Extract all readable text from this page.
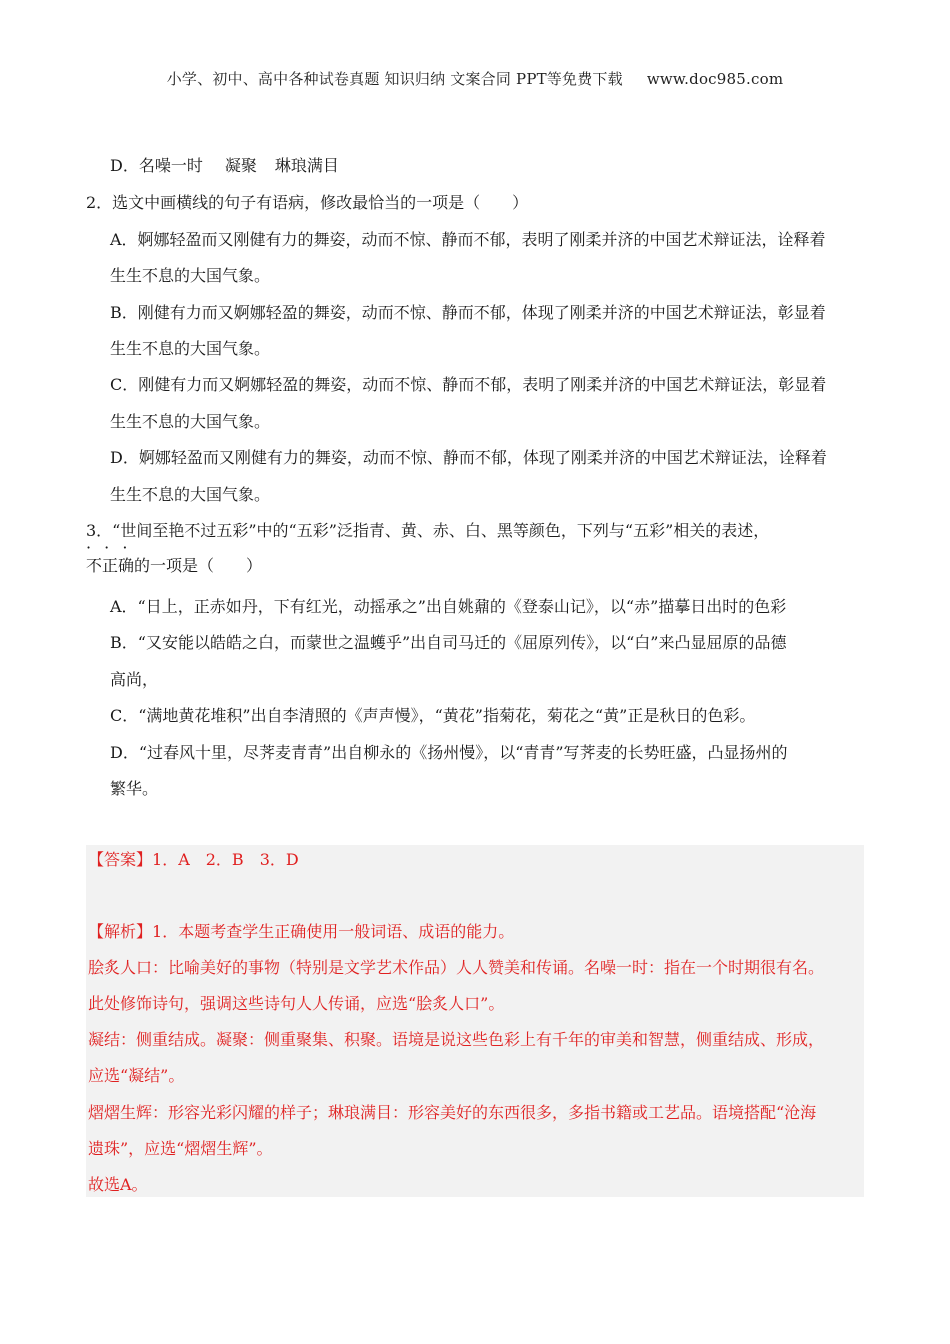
小学、初中、高中各种试卷真题 知识归纳 文案合同 PPT等免费下载 www.doc985.com
D．名噪一时 凝聚 琳琅满目
2．选文中画横线的句子有语病，修改最恰当的一项是（　　）
A．婀娜轻盈而又刚健有力的舞姿，动而不惊、静而不郁，表明了刚柔并济的中国艺术辩证法，诠释着
生生不息的大国气象。
B．刚健有力而又婀娜轻盈的舞姿，动而不惊、静而不郁，体现了刚柔并济的中国艺术辩证法，彰显着
生生不息的大国气象。
C．刚健有力而又婀娜轻盈的舞姿，动而不惊、静而不郁，表明了刚柔并济的中国艺术辩证法，彰显着
生生不息的大国气象。
D．婀娜轻盈而又刚健有力的舞姿，动而不惊、静而不郁，体现了刚柔并济的中国艺术辩证法，诠释着
生生不息的大国气象。
3．“世间至艳不过五彩”中的“五彩”泛指青、黄、赤、白、黑等颜色，下列与“五彩”相关的表述，
· · ·
不正确的一项是（　　）
A．“日上，正赤如丹，下有红光，动摇承之”出自姚鼐的《登泰山记》，以“赤”描摹日出时的色彩
B．“又安能以皓皓之白，而蒙世之温蠖乎”出自司马迁的《屈原列传》，以“白”来凸显屈原的品德
高尚，
C．“满地黄花堆积”出自李清照的《声声慢》，“黄花”指菊花，菊花之“黄”正是秋日的色彩。
D．“过春风十里，尽荠麦青青”出自柳永的《扬州慢》，以“青青”写荠麦的长势旺盛，凸显扬州的
繁华。
【答案】1．A　2．B　3．D
【解析】1．本题考查学生正确使用一般词语、成语的能力。
脍炙人口：比喻美好的事物（特别是文学艺术作品）人人赞美和传诵。名噪一时：指在一个时期很有名。
此处修饰诗句，强调这些诗句人人传诵，应选“脍炙人口”。
凝结：侧重结成。凝聚：侧重聚集、积聚。语境是说这些色彩上有千年的审美和智慧，侧重结成、形成，
应选“凝结”。
熠熠生辉：形容光彩闪耀的样子；琳琅满目：形容美好的东西很多，多指书籍或工艺品。语境搭配“沧海
遗珠”，应选“熠熠生辉”。
故选A。
